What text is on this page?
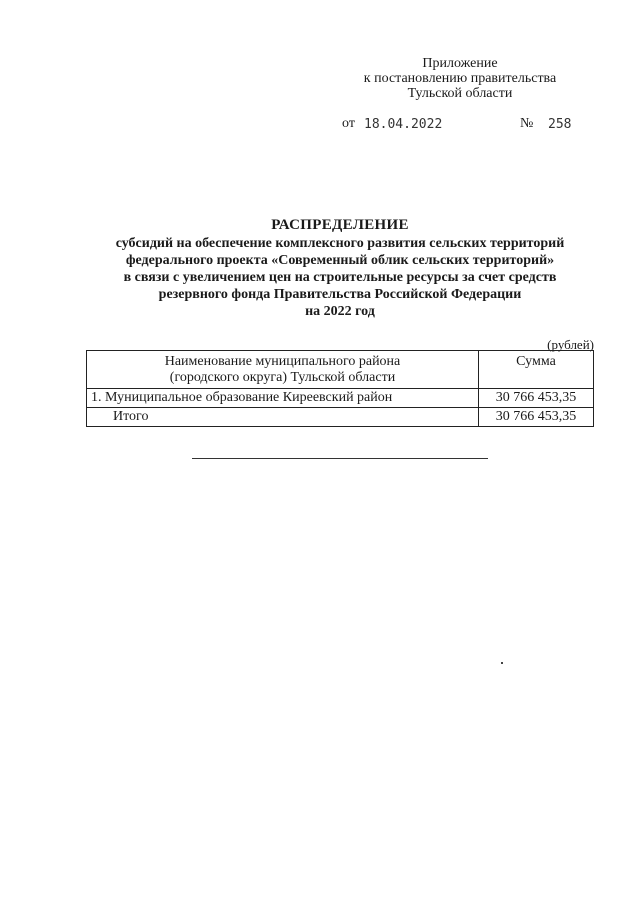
Приложение
к постановлению правительства
Тульской области
от 18.04.2022	№ 258
РАСПРЕДЕЛЕНИЕ
субсидий на обеспечение комплексного развития сельских территорий
федерального проекта «Современный облик сельских территорий»
в связи с увеличением цен на строительные ресурсы за счет средств
резервного фонда Правительства Российской Федерации
на 2022 год
(рублей)
Наименование муниципального района
(городского округа) Тульской области	Сумма
1. Муниципальное образование Киреевский район	30 766 453,35
Итого	30 766 453,35
